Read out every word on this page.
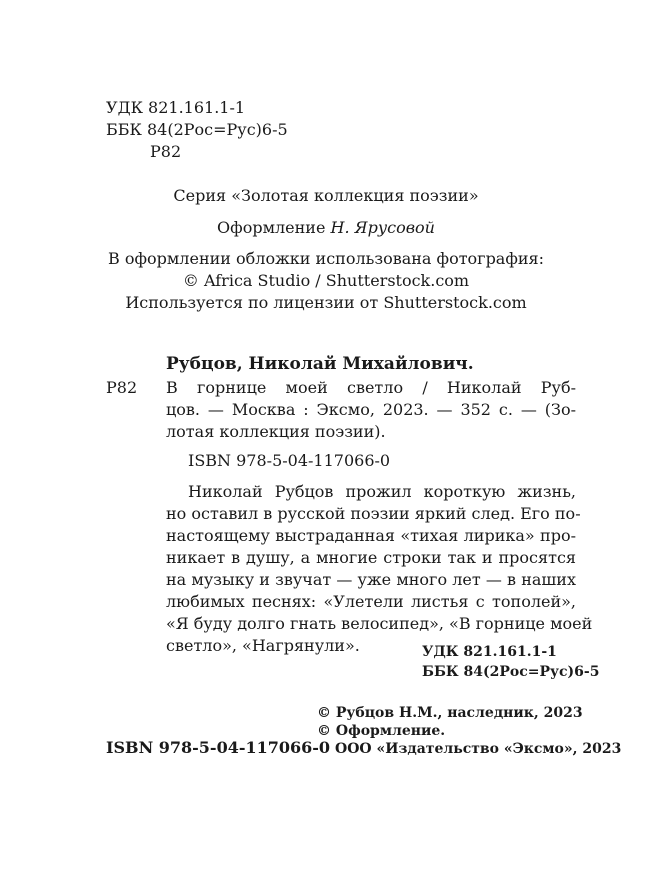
УДК 821.161.1-1
ББК 84(2Рос=Рус)6-5
Р82
Серия «Золотая коллекция поэзии»
Оформление Н. Ярусовой
В оформлении обложки использована фотография:
© Africa Studio / Shutterstock.com
Используется по лицензии от Shutterstock.com
Рубцов, Николай Михайлович.
Р82 В горнице моей светло / Николай Руб-
цов. — Москва : Эксмо, 2023. — 352 с. — (Зо-
лотая коллекция поэзии).
ISBN 978-5-04-117066-0
Николай Рубцов прожил короткую жизнь,
но оставил в русской поэзии яркий след. Его по-
настоящему выстраданная «тихая лирика» про-
никает в душу, а многие строки так и просятся
на музыку и звучат — уже много лет — в наших
любимых песнях: «Улетели листья с тополей»,
«Я буду долго гнать велосипед», «В горнице моей
светло», «Нагрянули».	УДК 821.161.1-1
ББК 84(2Рос=Рус)6-5
© Рубцов Н.М., наследник, 2023
© Оформление.
ООО «Издательство «Эксмо», 2023
ISBN 978-5-04-117066-0
